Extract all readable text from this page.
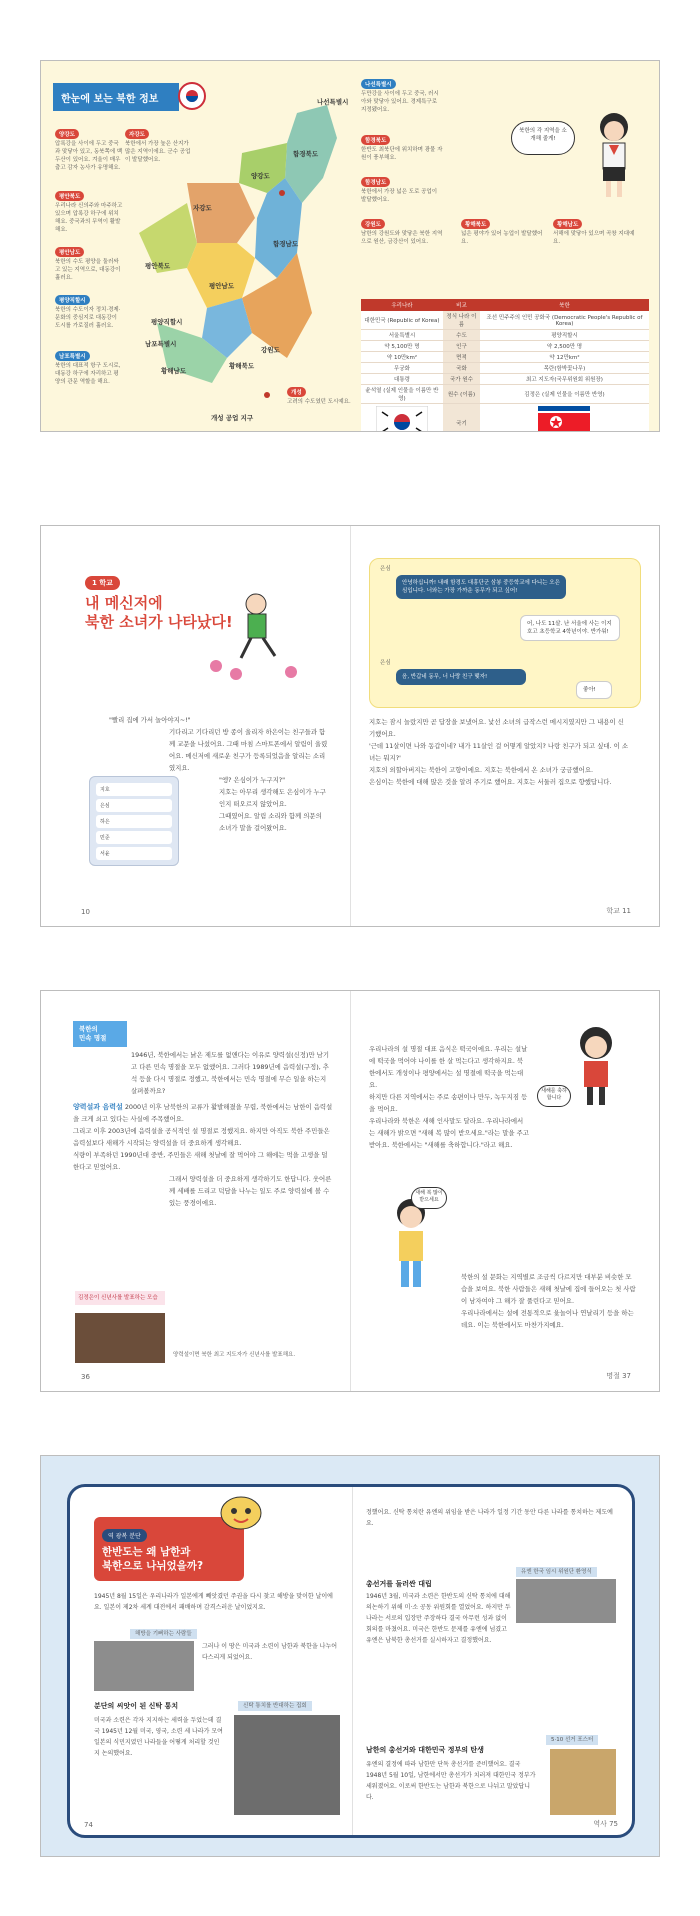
한눈에 보는 북한 정보
양강도
압록강을 사이에 두고 중국과 맞닿아 있고, 동북쪽에 백두산이 있어요. 겨울이 매우 춥고 감자 농사가 유명해요.
자강도
북한에서 가장 높은 산지가 많은 지역이에요. 군수 공업이 발달했어요.
평안북도
우리나라 신의주와 마주하고 있으며 압록강 하구에 위치해요. 중국과의 무역이 활발해요.
평안남도
북한의 수도 평양을 둘러싸고 있는 지역으로, 대동강이 흘러요.
평양직할시
북한의 수도이자 정치·경제·문화의 중심지로 대동강이 도시를 가로질러 흘러요.
남포특별시
북한의 대표적 항구 도시로, 대동강 하구에 자리하고 평양의 관문 역할을 해요.
나선특별시
함경북도
양강도
자강도
함경남도
평안북도
평안남도
평양직할시
남포특별시
황해북도
황해남도
강원도
개성 공업 지구
나선특별시
두만강을 사이에 두고 중국, 러시아와 맞닿아 있어요. 경제특구로 지정됐어요.
함경북도
한반도 최북단에 위치하며 광물 자원이 풍부해요.
함경남도
북한에서 가장 넓은 도로 공업이 발달했어요.
강원도
남한의 강원도와 맞닿은 북한 지역으로 원산, 금강산이 있어요.
황해북도
넓은 평야가 있어 농업이 발달했어요.
황해남도
서해에 맞닿아 있으며 곡창 지대예요.
개성
고려의 수도였던 도시예요.
북한의 각 지역을 소개해 줄게!
우리나라	비교	북한
대한민국 (Republic of Korea)	정식 나라 이름	조선 민주주의 인민 공화국 (Democratic People's Republic of Korea)
서울특별시	수도	평양직할시
약 5,100만 명	인구	약 2,500만 명
약 10만km²	면적	약 12만km²
무궁화	국화	목란(함박꽃나무)
대통령	국가 원수	최고 지도자(국무위원회 위원장)
윤석열 (실제 인물을 이름만 반영)	원수 (이름)	김정은 (실제 인물을 이름만 반영)
	국기	
1 학교
내 메신저에
북한 소녀가 나타났다!

"빨리 집에 가서 놀아야지~!"

기다리고 기다리던 방 종이 울리자 하은이는 친구들과 함께 교문을 나섰어요. 그때 마침 스마트폰에서 알림이 울렸어요. 메신저에 새로운 친구가 등록되었음을 알리는 소리였지요.

"엥? 은심이가 누구지?"

지호는 아무리 생각해도 은심이가 누구인지 떠오르지 않았어요.

그때였어요. 알림 소리와 함께 의문의 소녀가 말을 걸어왔어요.

지호
은심
하은
민준
서윤
10
은심
안녕하십니까! 내래 함경도 대흥단군 삼봉 중등학교에 다니는 오은심입니다. 너와는 가장 가까운 동무가 되고 싶어!
어, 나도 11살. 난 서울에 사는 이지호고 초등학교 4학년이야. 반가워!
은심
음, 반갑네 동무, 너 나랑 친구 맺자!
좋아!

지호는 잠시 놀랐지만 곧 답장을 보냈어요. 낯선 소녀의 급작스런 메시지였지만 그 내용이 신기했어요.

'근데 11살이면 나와 동갑이네? 내가 11살인 걸 어떻게 알았지? 나랑 친구가 되고 싶대. 이 소녀는 뭐지?'

지호의 외할아버지는 북한이 고향이에요. 지호는 북한에서 온 소녀가 궁금했어요.

은심이는 북한에 대해 많은 것을 알려 주기로 했어요. 지호는 서둘러 집으로 향했답니다.

학교 11
북한의
민속 명절

1946년, 북한에서는 낡은 제도를 없앤다는 이유로 양력설(신정)만 남기고 다른 민속 명절을 모두 없앴어요. 그러다 1989년에 음력설(구정), 추석 등을 다시 명절로 정했고, 북한에서는 민속 명절에 무슨 일을 하는지 살펴볼까요?

양력설과 음력설 2000년 이후 남북한의 교류가 활발해졌을 무렵, 북한에서는 남한이 음력설을 크게 쇠고 있다는 사실에 주목했어요.

그리고 이후 2003년에 음력설을 공식적인 설 명절로 정했지요. 하지만 아직도 북한 주민들은 음력설보다 새해가 시작되는 양력설을 더 중요하게 생각해요.

식량이 부족하던 1990년대 중반, 주민들은 새해 첫날에 잘 먹어야 그 해에는 먹을 고생을 덜한다고 믿었어요.

그래서 양력설을 더 중요하게 생각하기도 한답니다. 웃어른께 세배를 드리고 덕담을 나누는 일도 주로 양력설에 볼 수 있는 풍경이에요.

김정은이 신년사를 발표하는 모습
양력설이면 북한 최고 지도자가 신년사를 발표해요.
36

우리나라의 설 명절 대표 음식은 떡국이에요. 우리는 설날에 떡국을 먹어야 나이를 한 살 먹는다고 생각하지요. 북한에서도 개성이나 평양에서는 설 명절에 떡국을 먹는대요.

하지만 다른 지역에서는 주로 송편이나 만두, 녹두지짐 등을 먹어요.

우리나라와 북한은 새해 인사말도 달라요. 우리나라에서는 새해가 밝으면 "새해 복 많이 받으세요."라는 말을 주고받아요. 북한에서는 "새해를 축하합니다."라고 해요.

북한의 설 문화는 지역별로 조금씩 다르지만 대부분 비슷한 모습을 보여요. 북한 사람들은 새해 첫날에 집에 들어오는 첫 사람이 남자여야 그 해가 잘 풀린다고 믿어요.

우리나라에서는 설에 전통적으로 윷놀이나 연날리기 등을 하는데요. 이는 북한에서도 마찬가지예요.

새해를 축하합니다
새해 복 많이 받으세요
명절 37
역 광복 분단
한반도는 왜 남한과
북한으로 나뉘었을까?
1945년 8월 15일은 우리나라가 일본에게 빼앗겼던 주권을 다시 찾고 해방을 맞이한 날이에요. 일본이 제2차 세계 대전에서 패배하며 감격스러운 날이었지요.
해방을 기뻐하는 사람들
그러나 이 땅은 미국과 소련이 남한과 북한을 나누어 다스리게 되었어요.
분단의 씨앗이 된 신탁 통치
미국과 소련은 각자 지지하는 세력을 두었는데 결국 1945년 12월 미국, 영국, 소련 세 나라가 모여 일본의 식민지였던 나라들을 어떻게 처리할 것인지 논의했어요.
신탁 통치를 반대하는 집회
74
정했어요. 신탁 통치란 유엔의 위임을 받은 나라가 일정 기간 동안 다른 나라를 통치하는 제도예요.
총선거를 둘러싼 대립
유엔 한국 임시 위원단 환영식
1946년 3월, 미국과 소련은 한반도의 신탁 통치에 대해 의논하기 위해 미·소 공동 위원회를 열었어요. 하지만 두 나라는 서로의 입장만 주장하다 결국 아무런 성과 없이 회의를 마쳤어요. 미국은 한반도 문제를 유엔에 넘겼고 유엔은 남북한 총선거를 실시하자고 결정했어요.
남한의 총선거와 대한민국 정부의 탄생
유엔의 결정에 따라 남한만 단독 총선거를 준비했어요. 결국 1948년 5월 10일, 남한에서만 총선거가 치러져 대한민국 정부가 세워졌어요. 이로써 한반도는 남한과 북한으로 나뉘고 말았답니다.
5·10 선거 포스터
역사 75
